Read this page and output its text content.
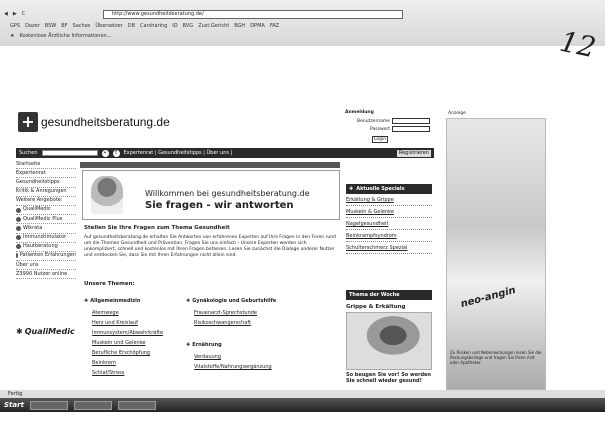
◀ ▶ C	http://www.gesundheitsberatung.de/
GPS Dazer BSW BF Sachse Übersetzer DB Carsharing ID BVG Zust.Gericht BGH DPMA FAZ
★ Kostenlose Ärztliche Informationen...	12
+ gesundheitsberatung.de
Anmeldung
Benutzername
Passwort
Login
Suchen	»	!	Expertenrat | Gesundheitstipps | Über uns |	Registrieren
Startseite
Expertenrat
Gesundheitstipps
Kritik & Anregungen
Weitere Angebote:
QualiMedic
QualiMedic Plus
Wikrata
Immunstimulator
Hautberatung
Patienten Erfahrungen
Über uns
Z3990 Nutzer online
✱ QualiMedic
Willkommen bei gesundheitsberatung.de
Sie fragen - wir antworten
Stellen Sie Ihre Fragen zum Thema Gesundheit
Auf gesundheitsberatung.de erhalten Sie Antworten von erfahrenen Experten auf Ihre Fragen in den Foren rund um die Themen Gesundheit und Prävention. Fragen Sie uns einfach - Unsere Experten werden sich unkompliziert, schnell und kostenlos mit Ihren Fragen befassen. Lesen Sie zunächst die Dialoge anderer Nutzer und entdecken Sie, dass Sie mit Ihren Erfahrungen nicht allein sind.
Unsere Themen:
✚ Allgemeinmedizin
Atemwege
Herz und Kreislauf
Immunsystem/Abwehrkräfte
Muskeln und Gelenke
Berufliche Erschöpfung
Beinkrem
Schlaf/Stress
✚ Gynäkologie und Geburtshilfe
Frauenarzt-Sprechstunde
Risikoschwangerschaft
✚ Ernährung
Verdauung
Vitalstoffe/Nahrungsergänzung
✚ Aktuelle Specials
Erkältung & Grippe
Muskeln & Gelenke
Nagelgesundheit
Beinkrampfsyndrom
Schulterschmerz Spezial
Thema der Woche
Grippe & Erkältung
So beugen Sie vor! So werden Sie schnell wieder gesund!
Anzeige
neo-angin
Zu Risiken und Nebenwirkungen lesen Sie die Packungsbeilage und fragen Sie Ihren Arzt oder Apotheker.
Fertig
Start
